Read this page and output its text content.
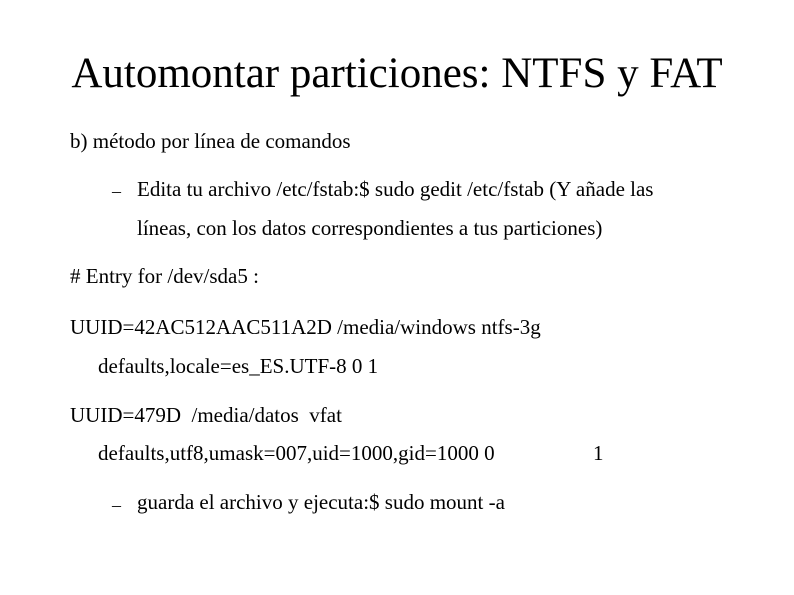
Automontar particiones: NTFS y FAT
b) método por línea de comandos
– Edita tu archivo /etc/fstab:$ sudo gedit /etc/fstab (Y añade las
líneas, con los datos correspondientes a tus particiones)
# Entry for /dev/sda5 :
UUID=42AC512AAC511A2D /media/windows ntfs-3g
defaults,locale=es_ES.UTF-8 0 1
UUID=479D  /media/datos  vfat
defaults,utf8,umask=007,uid=1000,gid=1000 0	1
– guarda el archivo y ejecuta:$ sudo mount -a
